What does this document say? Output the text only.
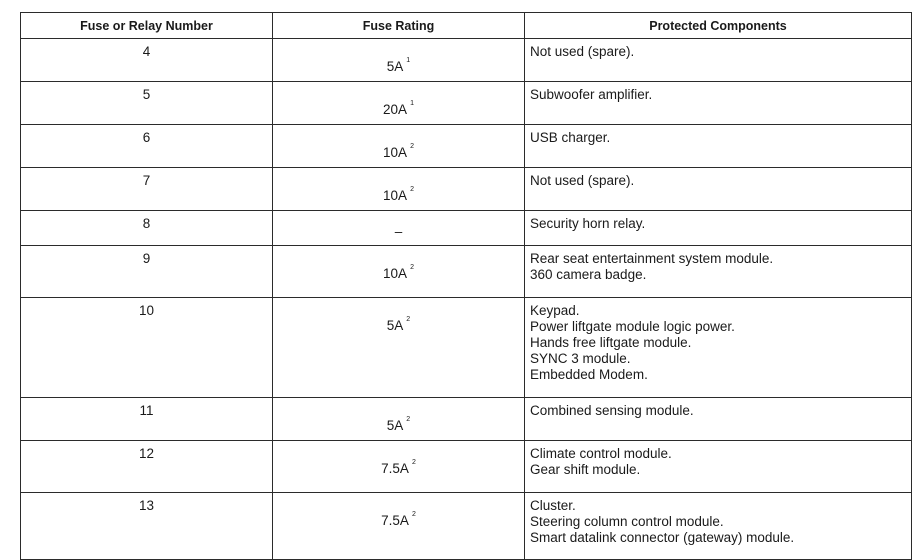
Fuse or Relay Number	Fuse Rating	Protected Components
4	5A $^1$	Not used (spare).

5	20A $^1$	Subwoofer amplifier.

6	10A $^2$	USB charger.

7	10A $^2$	Not used (spare).

8	–	Security horn relay.

9	10A $^2$	Rear seat entertainment system module.
360 camera badge.

10	5A $^2$	Keypad.
Power liftgate module logic power.
Hands free liftgate module.
SYNC 3 module.
Embedded Modem.

11	5A $^2$	Combined sensing module.

12	7.5A $^2$	Climate control module.
Gear shift module.

13	7.5A $^2$	Cluster.
Steering column control module.
Smart datalink connector (gateway) module.
